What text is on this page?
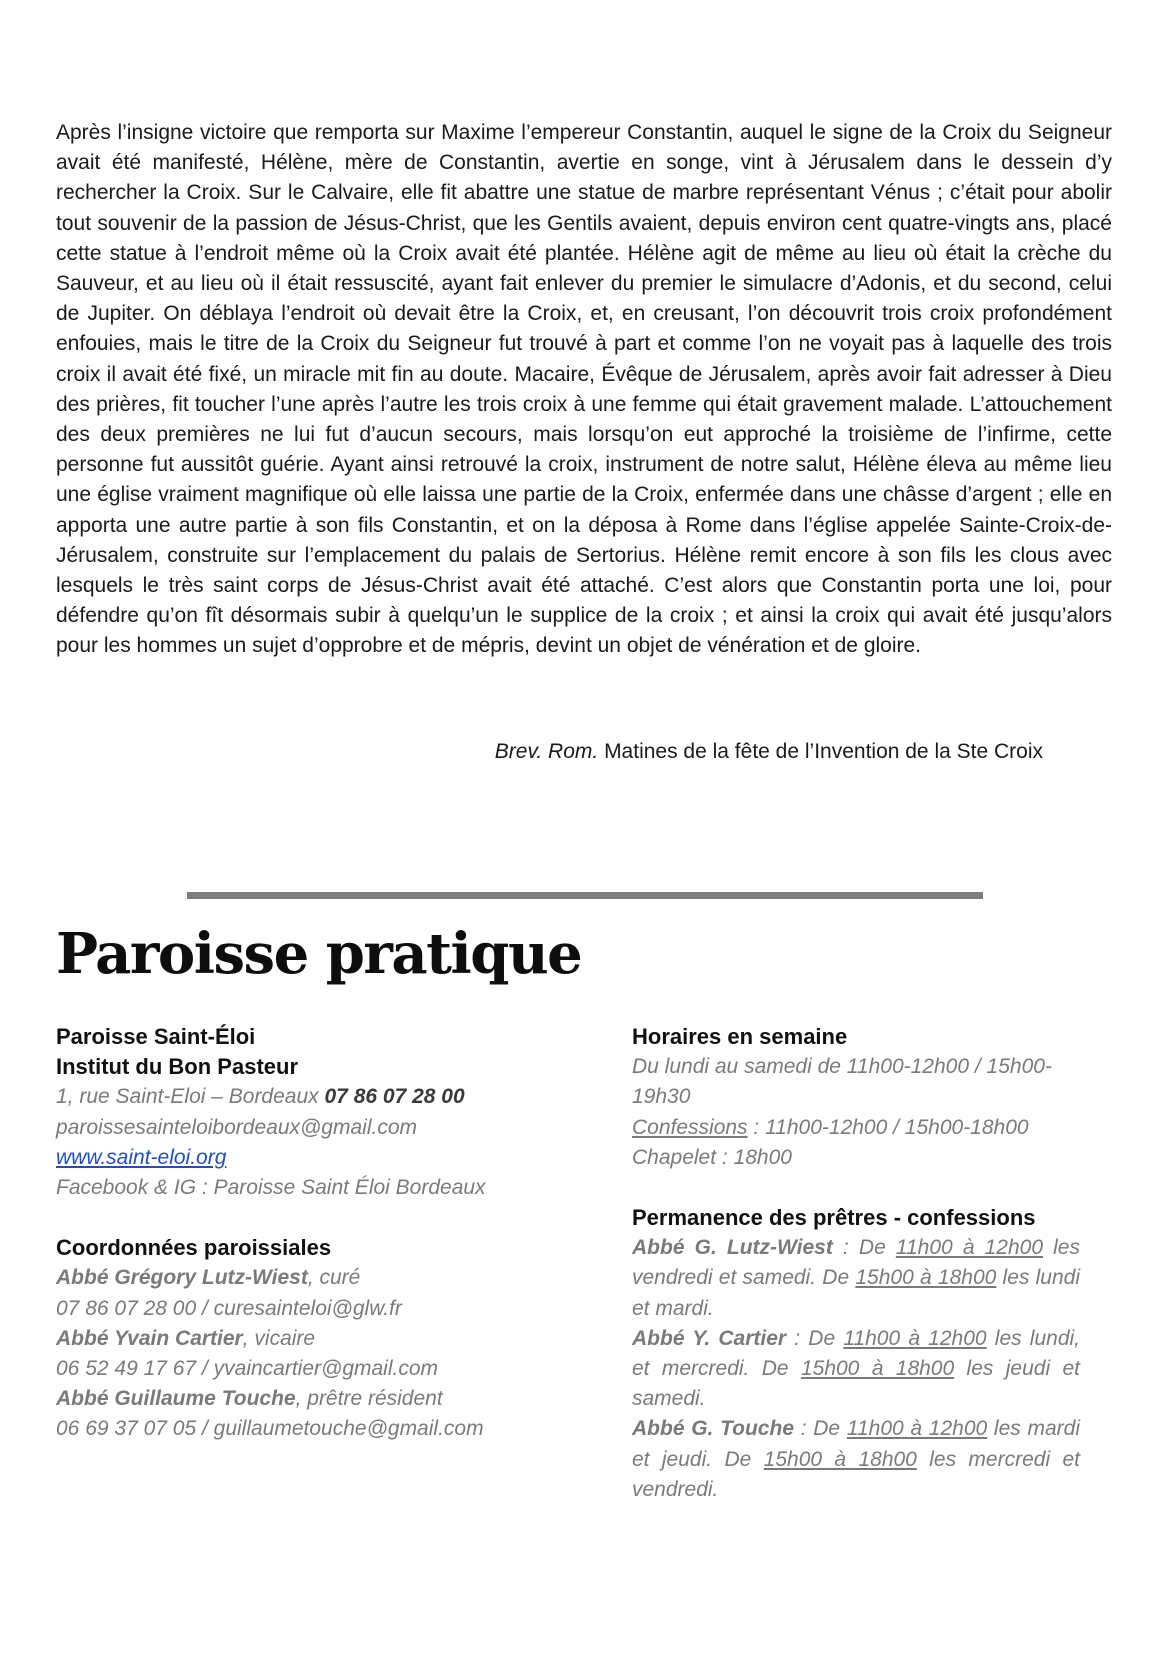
Après l’insigne victoire que remporta sur Maxime l’empereur Constantin, auquel le signe de la Croix du Seigneur avait été manifesté, Hélène, mère de Constantin, avertie en songe, vint à Jérusalem dans le dessein d’y rechercher la Croix. Sur le Calvaire, elle fit abattre une statue de marbre représentant Vénus ; c’était pour abolir tout souvenir de la passion de Jésus-Christ, que les Gentils avaient, depuis environ cent quatre-vingts ans, placé cette statue à l’endroit même où la Croix avait été plantée. Hélène agit de même au lieu où était la crèche du Sauveur, et au lieu où il était ressuscité, ayant fait enlever du premier le simulacre d’Adonis, et du second, celui de Jupiter. On déblaya l’endroit où devait être la Croix, et, en creusant, l’on découvrit trois croix profondément enfouies, mais le titre de la Croix du Seigneur fut trouvé à part et comme l’on ne voyait pas à laquelle des trois croix il avait été fixé, un miracle mit fin au doute. Macaire, Évêque de Jérusalem, après avoir fait adresser à Dieu des prières, fit toucher l’une après l’autre les trois croix à une femme qui était gravement malade. L’attouchement des deux premières ne lui fut d’aucun secours, mais lorsqu’on eut approché la troisième de l’infirme, cette personne fut aussitôt guérie. Ayant ainsi retrouvé la croix, instrument de notre salut, Hélène éleva au même lieu une église vraiment magnifique où elle laissa une partie de la Croix, enfermée dans une châsse d’argent ; elle en apporta une autre partie à son fils Constantin, et on la déposa à Rome dans l’église appelée Sainte-Croix-de-Jérusalem, construite sur l’emplacement du palais de Sertorius. Hélène remit encore à son fils les clous avec lesquels le très saint corps de Jésus-Christ avait été attaché. C’est alors que Constantin porta une loi, pour défendre qu’on fît désormais subir à quelqu’un le supplice de la croix ; et ainsi la croix qui avait été jusqu’alors pour les hommes un sujet d’opprobre et de mépris, devint un objet de vénération et de gloire.
Brev. Rom. Matines de la fête de l’Invention de la Ste Croix
Paroisse pratique
Paroisse Saint-Éloi
Institut du Bon Pasteur
1, rue Saint-Eloi – Bordeaux 07 86 07 28 00
paroissesainteloibordeaux@gmail.com
www.saint-eloi.org
Facebook & IG : Paroisse Saint Éloi Bordeaux
Coordonnées paroissiales
Abbé Grégory Lutz-Wiest, curé
07 86 07 28 00 / curesainteloi@glw.fr
Abbé Yvain Cartier, vicaire
06 52 49 17 67 / yvaincartier@gmail.com
Abbé Guillaume Touche, prêtre résident
06 69 37 07 05 / guillaumetouche@gmail.com
Horaires en semaine
Du lundi au samedi de 11h00-12h00 / 15h00-19h30
Confessions : 11h00-12h00 / 15h00-18h00
Chapelet : 18h00
Permanence des prêtres - confessions
Abbé G. Lutz-Wiest : De 11h00 à 12h00 les vendredi et samedi. De 15h00 à 18h00 les lundi et mardi.
Abbé Y. Cartier : De 11h00 à 12h00 les lundi, et mercredi. De 15h00 à 18h00 les jeudi et samedi.
Abbé G. Touche : De 11h00 à 12h00 les mardi et jeudi. De 15h00 à 18h00 les mercredi et vendredi.
